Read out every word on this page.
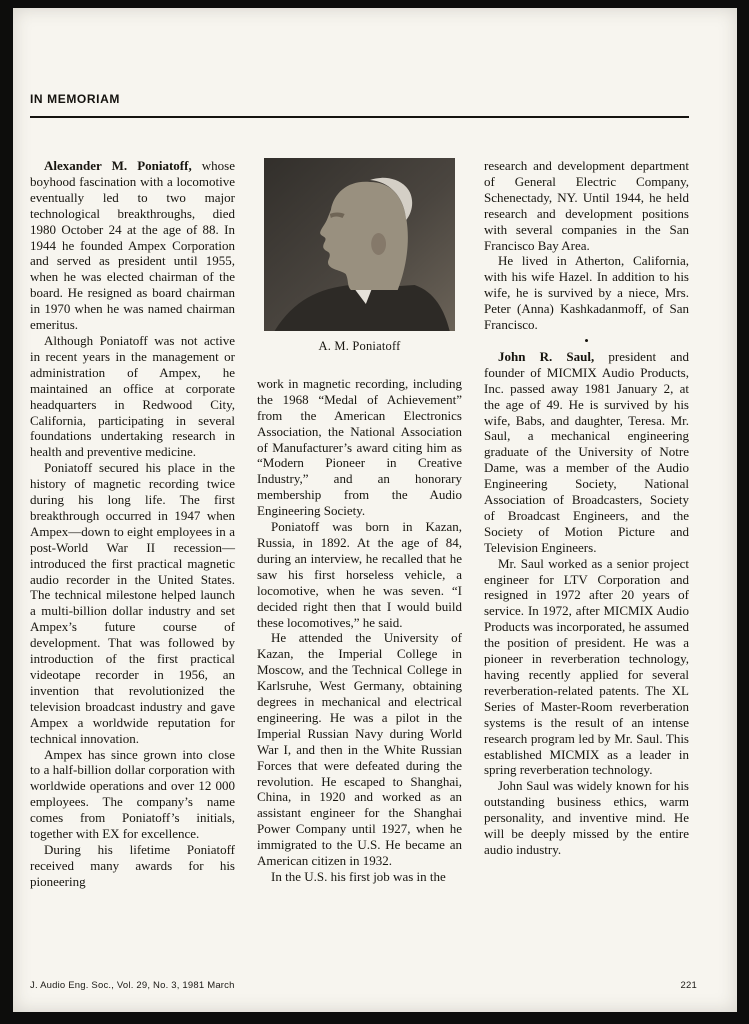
IN MEMORIAM

Alexander M. Poniatoff, whose boyhood fascination with a locomotive eventually led to two major technological breakthroughs, died 1980 October 24 at the age of 88. In 1944 he founded Ampex Corporation and served as president until 1955, when he was elected chairman of the board. He resigned as board chairman in 1970 when he was named chairman emeritus.

Although Poniatoff was not active in recent years in the management or administration of Ampex, he maintained an office at corporate headquarters in Redwood City, California, participating in several foundations undertaking research in health and preventive medicine.

Poniatoff secured his place in the history of magnetic recording twice during his long life. The first breakthrough occurred in 1947 when Ampex—down to eight employees in a post-World War II recession—introduced the first practical magnetic audio recorder in the United States. The technical milestone helped launch a multi-billion dollar industry and set Ampex’s future course of development. That was followed by introduction of the first practical videotape recorder in 1956, an invention that revolutionized the television broadcast industry and gave Ampex a worldwide reputation for technical innovation.

Ampex has since grown into close to a half-billion dollar corporation with worldwide operations and over 12 000 employees. The company’s name comes from Poniatoff’s initials, together with EX for excellence.

During his lifetime Poniatoff received many awards for his pioneering

A. M. Poniatoff

work in magnetic recording, including the 1968 “Medal of Achievement” from the American Electronics Association, the National Association of Manufacturer’s award citing him as “Modern Pioneer in Creative Industry,” and an honorary membership from the Audio Engineering Society.

Poniatoff was born in Kazan, Russia, in 1892. At the age of 84, during an interview, he recalled that he saw his first horseless vehicle, a locomotive, when he was seven. “I decided right then that I would build these locomotives,” he said.

He attended the University of Kazan, the Imperial College in Moscow, and the Technical College in Karlsruhe, West Germany, obtaining degrees in mechanical and electrical engineering. He was a pilot in the Imperial Russian Navy during World War I, and then in the White Russian Forces that were defeated during the revolution. He escaped to Shanghai, China, in 1920 and worked as an assistant engineer for the Shanghai Power Company until 1927, when he immigrated to the U.S. He became an American citizen in 1932.

In the U.S. his first job was in the

research and development department of General Electric Company, Schenectady, NY. Until 1944, he held research and development positions with several companies in the San Francisco Bay Area.

He lived in Atherton, California, with his wife Hazel. In addition to his wife, he is survived by a niece, Mrs. Peter (Anna) Kashkadanmoff, of San Francisco.

•

John R. Saul, president and founder of MICMIX Audio Products, Inc. passed away 1981 January 2, at the age of 49. He is survived by his wife, Babs, and daughter, Teresa. Mr. Saul, a mechanical engineering graduate of the University of Notre Dame, was a member of the Audio Engineering Society, National Association of Broadcasters, Society of Broadcast Engineers, and the Society of Motion Picture and Television Engineers.

Mr. Saul worked as a senior project engineer for LTV Corporation and resigned in 1972 after 20 years of service. In 1972, after MICMIX Audio Products was incorporated, he assumed the position of president. He was a pioneer in reverberation technology, having recently applied for several reverberation-related patents. The XL Series of Master-Room reverberation systems is the result of an intense research program led by Mr. Saul. This established MICMIX as a leader in spring reverberation technology.

John Saul was widely known for his outstanding business ethics, warm personality, and inventive mind. He will be deeply missed by the entire audio industry.

J. Audio Eng. Soc., Vol. 29, No. 3, 1981 March	221
